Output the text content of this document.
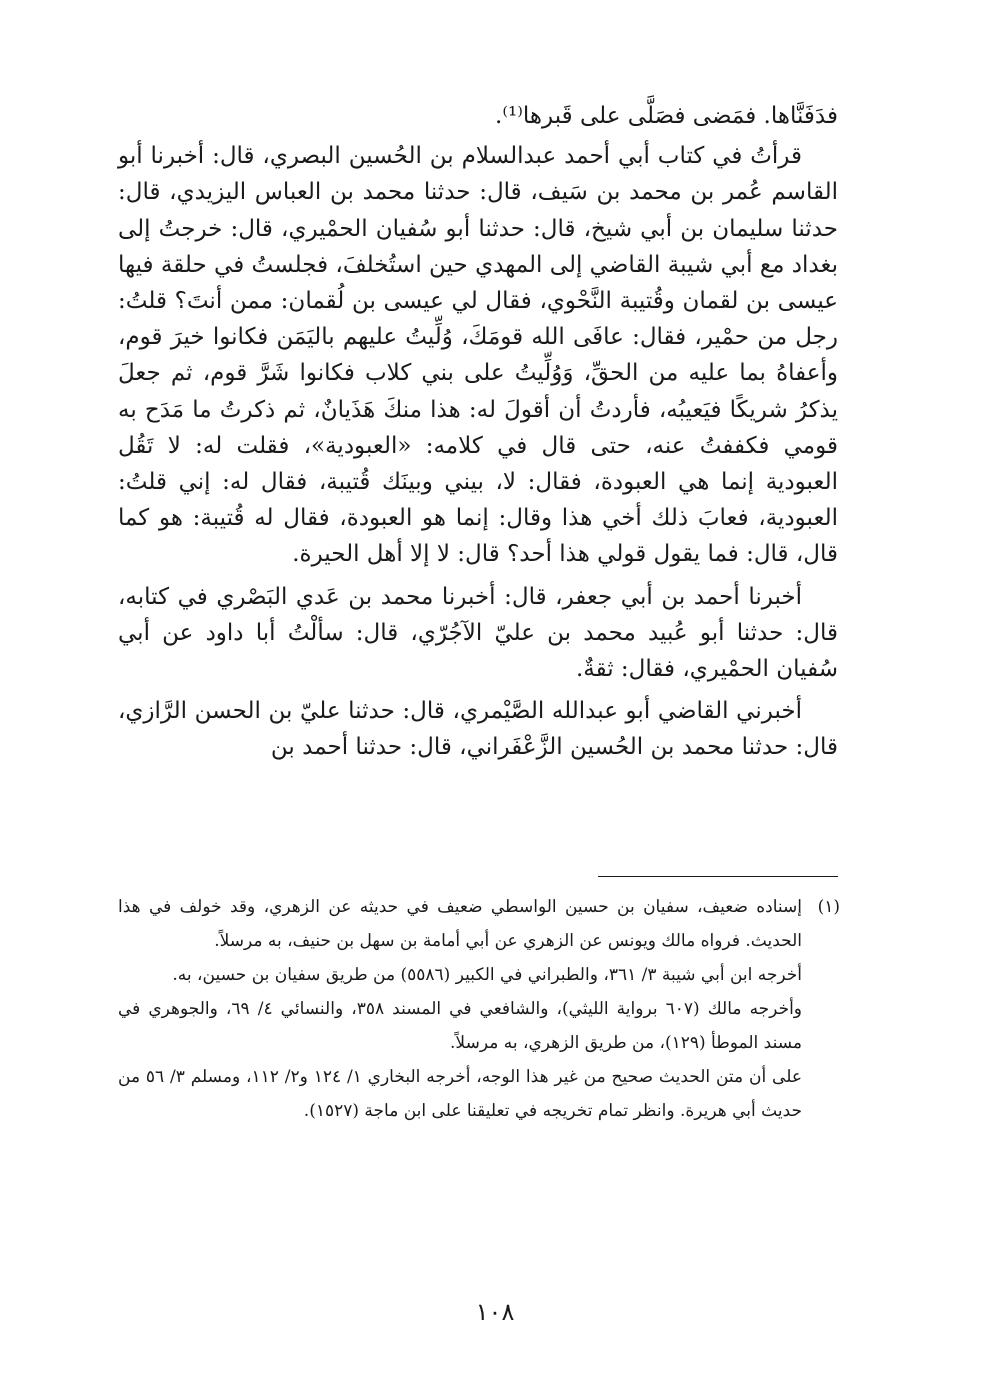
فدَفَنَّاها. فمَضى فصَلَّى على قَبرها⁽¹⁾.

قرأتُ في كتاب أبي أحمد عبدالسلام بن الحُسين البصري، قال: أخبرنا أبو القاسم عُمر بن محمد بن سَيف، قال: حدثنا محمد بن العباس اليزيدي، قال: حدثنا سليمان بن أبي شيخ، قال: حدثنا أبو سُفيان الحمْيري، قال: خرجتُ إلى بغداد مع أبي شيبة القاضي إلى المهدي حين استُخلفَ، فجلستُ في حلقة فيها عيسى بن لقمان وقُتيبة النَّحْوي، فقال لي عيسى بن لُقمان: ممن أنتَ؟ قلتُ: رجل من حمْير، فقال: عافَى الله قومَكَ، وُلِّيتُ عليهم باليَمَن فكانوا خيرَ قوم، وأعفاهُ بما عليه من الحقِّ، وَوُلِّيتُ على بني كلاب فكانوا شَرَّ قوم، ثم جعلَ يذكرُ شريكًا فيَعيبُه، فأردتُ أن أقولَ له: هذا منكَ هَذَيانٌ، ثم ذكرتُ ما مَدَح به قومي فكففتُ عنه، حتى قال في كلامه: «العبودية»، فقلت له: لا تَقُل العبودية إنما هي العبودة، فقال: لا، بيني وبينَك قُتيبة، فقال له: إني قلتُ: العبودية، فعابَ ذلك أخي هذا وقال: إنما هو العبودة، فقال له قُتيبة: هو كما قال، قال: فما يقول قولي هذا أحد؟ قال: لا إلا أهل الحيرة.

أخبرنا أحمد بن أبي جعفر، قال: أخبرنا محمد بن عَدي البَصْري في كتابه، قال: حدثنا أبو عُبيد محمد بن عليّ الآجُرّي، قال: سألْتُ أبا داود عن أبي سُفيان الحمْيري، فقال: ثقةٌ.

أخبرني القاضي أبو عبدالله الصَّيْمري، قال: حدثنا عليّ بن الحسن الرَّازي، قال: حدثنا محمد بن الحُسين الزَّعْفَراني، قال: حدثنا أحمد بن

(١)

إسناده ضعيف، سفيان بن حسين الواسطي ضعيف في حديثه عن الزهري، وقد خولف في هذا الحديث. فرواه مالك ويونس عن الزهري عن أبي أمامة بن سهل بن حنيف، به مرسلاً.

أخرجه ابن أبي شيبة ٣/ ٣٦١، والطبراني في الكبير (٥٥٨٦) من طريق سفيان بن حسين، به.

وأخرجه مالك (٦٠٧ برواية الليثي)، والشافعي في المسند ٣٥٨، والنسائي ٤/ ٦٩، والجوهري في مسند الموطأ (١٢٩)، من طريق الزهري، به مرسلاً.

على أن متن الحديث صحيح من غير هذا الوجه، أخرجه البخاري ١/ ١٢٤ و٢/ ١١٢، ومسلم ٣/ ٥٦ من حديث أبي هريرة. وانظر تمام تخريجه في تعليقنا على ابن ماجة (١٥٢٧).

١٠٨
